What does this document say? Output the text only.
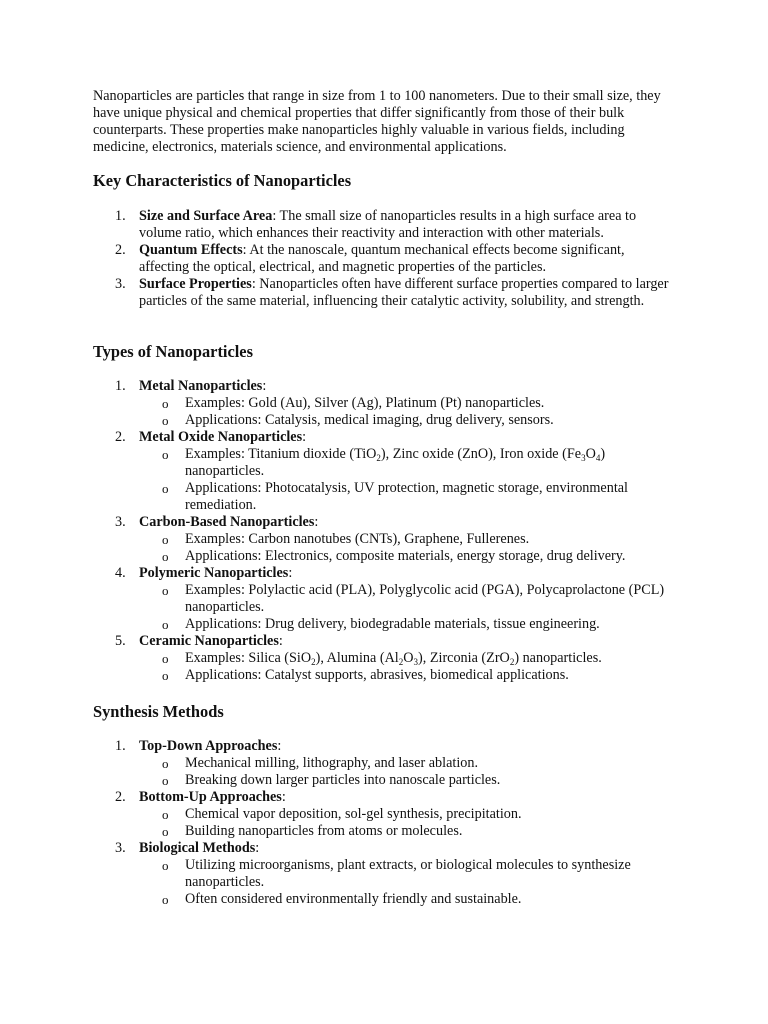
Nanoparticles are particles that range in size from 1 to 100 nanometers. Due to their small size, they have unique physical and chemical properties that differ significantly from those of their bulk counterparts. These properties make nanoparticles highly valuable in various fields, including medicine, electronics, materials science, and environmental applications.

Key Characteristics of Nanoparticles
1. Size and Surface Area: The small size of nanoparticles results in a high surface area to volume ratio, which enhances their reactivity and interaction with other materials.
2. Quantum Effects: At the nanoscale, quantum mechanical effects become significant, affecting the optical, electrical, and magnetic properties of the particles.
3. Surface Properties: Nanoparticles often have different surface properties compared to larger particles of the same material, influencing their catalytic activity, solubility, and strength.
Types of Nanoparticles
1. Metal Nanoparticles:
o Examples: Gold (Au), Silver (Ag), Platinum (Pt) nanoparticles.
o Applications: Catalysis, medical imaging, drug delivery, sensors.
2. Metal Oxide Nanoparticles:
o Examples: Titanium dioxide (TiO$_2$), Zinc oxide (ZnO), Iron oxide $(Fe_3O_4)$ nanoparticles.
o Applications: Photocatalysis, UV protection, magnetic storage, environmental remediation.
3. Carbon-Based Nanoparticles:
o Examples: Carbon nanotubes (CNTs), Graphene, Fullerenes.
o Applications: Electronics, composite materials, energy storage, drug delivery.
4. Polymeric Nanoparticles:
o Examples: Polylactic acid (PLA), Polyglycolic acid (PGA), Polycaprolactone (PCL) nanoparticles.
o Applications: Drug delivery, biodegradable materials, tissue engineering.
5. Ceramic Nanoparticles:
o Examples: Silica (SiO$_2$), Alumina $(Al_2O_3)$, Zirconia (ZrO$_2$) nanoparticles.
o Applications: Catalyst supports, abrasives, biomedical applications.
Synthesis Methods
1. Top-Down Approaches:
o Mechanical milling, lithography, and laser ablation.
o Breaking down larger particles into nanoscale particles.
2. Bottom-Up Approaches:
o Chemical vapor deposition, sol-gel synthesis, precipitation.
o Building nanoparticles from atoms or molecules.
3. Biological Methods:
o Utilizing microorganisms, plant extracts, or biological molecules to synthesize nanoparticles.
o Often considered environmentally friendly and sustainable.
